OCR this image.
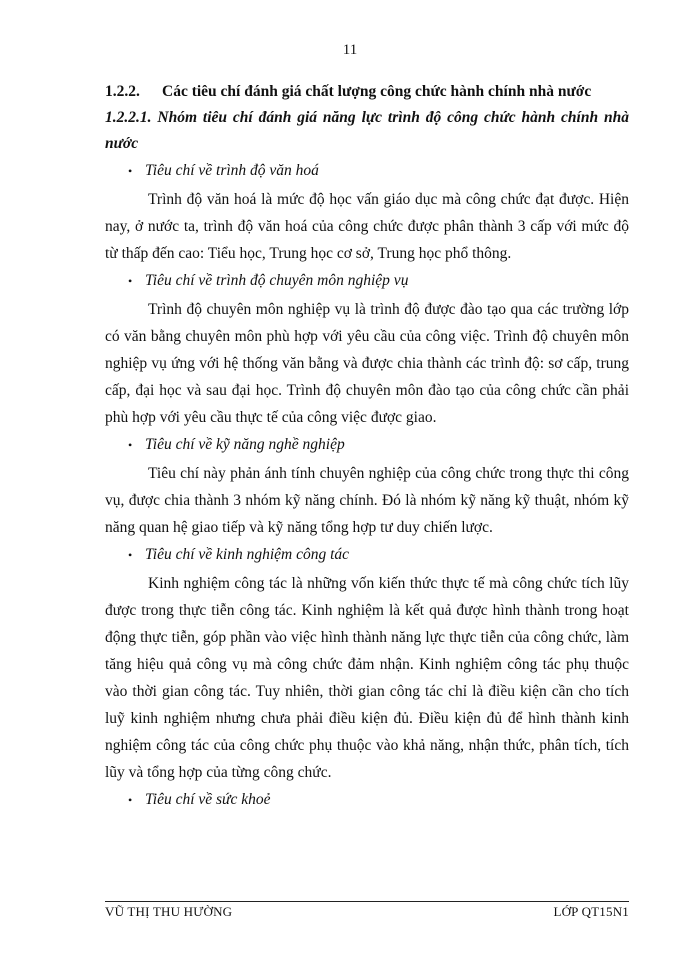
11
1.2.2.	Các tiêu chí đánh giá chất lượng công chức hành chính nhà nước
1.2.2.1. Nhóm tiêu chí đánh giá năng lực trình độ công chức hành chính nhà nước
• Tiêu chí về trình độ văn hoá

Trình độ văn hoá là mức độ học vấn giáo dục mà công chức đạt được. Hiện nay, ở nước ta, trình độ văn hoá của công chức được phân thành 3 cấp với mức độ từ thấp đến cao: Tiểu học, Trung học cơ sở, Trung học phổ thông.

• Tiêu chí về trình độ chuyên môn nghiệp vụ

Trình độ chuyên môn nghiệp vụ là trình độ được đào tạo qua các trường lớp có văn bằng chuyên môn phù hợp với yêu cầu của công việc. Trình độ chuyên môn nghiệp vụ ứng với hệ thống văn bằng và được chia thành các trình độ: sơ cấp, trung cấp, đại học và sau đại học. Trình độ chuyên môn đào tạo của công chức cần phải phù hợp với yêu cầu thực tế của công việc được giao.

• Tiêu chí về kỹ năng nghề nghiệp

Tiêu chí này phản ánh tính chuyên nghiệp của công chức trong thực thi công vụ, được chia thành 3 nhóm kỹ năng chính. Đó là nhóm kỹ năng kỹ thuật, nhóm kỹ năng quan hệ giao tiếp và kỹ năng tổng hợp tư duy chiến lược.

• Tiêu chí về kinh nghiệm công tác

Kinh nghiệm công tác là những vốn kiến thức thực tế mà công chức tích lũy được trong thực tiễn công tác. Kinh nghiệm là kết quả được hình thành trong hoạt động thực tiễn, góp phần vào việc hình thành năng lực thực tiễn của công chức, làm tăng hiệu quả công vụ mà công chức đảm nhận. Kinh nghiệm công tác phụ thuộc vào thời gian công tác. Tuy nhiên, thời gian công tác chỉ là điều kiện cần cho tích luỹ kinh nghiệm nhưng chưa phải điều kiện đủ. Điều kiện đủ để hình thành kinh nghiệm công tác của công chức phụ thuộc vào khả năng, nhận thức, phân tích, tích lũy và tổng hợp của từng công chức.

• Tiêu chí về sức khoẻ
VŨ THỊ THU HƯỜNG	LỚP QT15N1
